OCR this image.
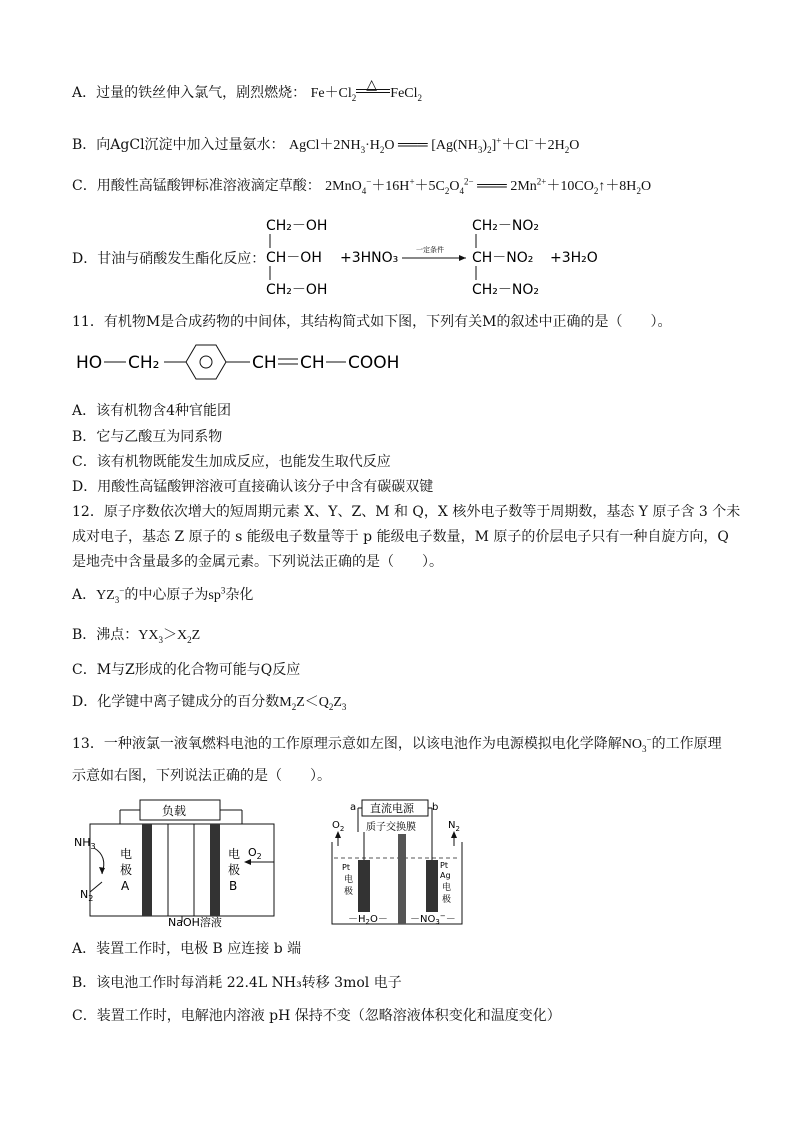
A．过量的铁丝伸入氯气，剧烈燃烧： $Fe+Cl_2$
△
FeCl$_2$
B．向AgCl沉淀中加入过量氨水： $AgCl+2NH_3\cdot H_2O$ ═══ $[Ag(NH_3)_2]^++Cl^-+2H_2O$
C．用酸性高锰酸钾标准溶液滴定草酸： $2MnO_4^-+16H^++5C_2O_4^{2-}$ ═══ $2Mn^{2+}+10CO_2↑+8H_2O$
D．甘油与硝酸发生酯化反应：
CH₂－OH
CH－OH
CH₂－OH
+3HNO₃
CH₂－NO₂
CH－NO₂
CH₂－NO₂
+3H₂O
一定条件
11．有机物M是合成药物的中间体，其结构简式如下图，下列有关M的叙述中正确的是（　　）。
HO CH₂	CH CH COOH
A．该有机物含4种官能团
B．它与乙酸互为同系物
C．该有机物既能发生加成反应，也能发生取代反应
D．用酸性高锰酸钾溶液可直接确认该分子中含有碳碳双键
12．原子序数依次增大的短周期元素 X、Y、Z、M 和 Q，X 核外电子数等于周期数，基态 Y 原子含 3 个未
成对电子，基态 Z 原子的 s 能级电子数量等于 p 能级电子数量，M 原子的价层电子只有一种自旋方向，Q
是地壳中含量最多的金属元素。下列说法正确的是（　　）。
A．$YZ_3^-$的中心原子为$sp^3$杂化
B．沸点：$YX_3>X_2Z$
C．M与Z形成的化合物可能与Q反应
D．化学键中离子键成分的百分数$M_2Z<Q_2Z_3$
13．一种液氯一液氧燃料电池的工作原理示意如左图，以该电池作为电源模拟电化学降解$NO_3^-$的工作原理
示意如右图，下列说法正确的是（　　）。
负载
电
极
A
电
极
B
$NH_3$
$N_2$
$O_2$
NaOH溶液
a	b
直流电源
质子交换膜
$O_2$	$N_2$
Pt
电
极
Pt
Ag
电
极
$-H_2O- -NO_3^--$
A．装置工作时，电极 B 应连接 b 端
B．该电池工作时每消耗 22.4L NH₃转移 3mol 电子
C．装置工作时，电解池内溶液 pH 保持不变（忽略溶液体积变化和温度变化）
